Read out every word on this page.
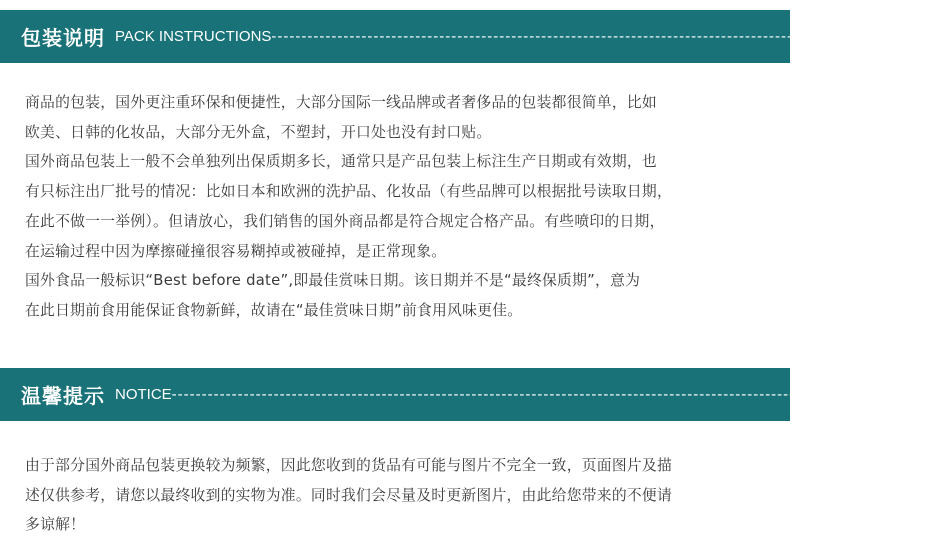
包装说明 PACK INSTRUCTIONS --------------------------------------------------------------------------------------------------------------
商品的包装，国外更注重环保和便捷性，大部分国际一线品牌或者奢侈品的包装都很简单，比如
欧美、日韩的化妆品，大部分无外盒，不塑封，开口处也没有封口贴。
国外商品包装上一般不会单独列出保质期多长，通常只是产品包装上标注生产日期或有效期，也
有只标注出厂批号的情况：比如日本和欧洲的洗护品、化妆品（有些品牌可以根据批号读取日期，
在此不做一一举例）。但请放心，我们销售的国外商品都是符合规定合格产品。有些喷印的日期，
在运输过程中因为摩擦碰撞很容易糊掉或被碰掉，是正常现象。
国外食品一般标识“Best before date”,即最佳赏味日期。该日期并不是“最终保质期”，意为
在此日期前食用能保证食物新鲜，故请在“最佳赏味日期”前食用风味更佳。
温馨提示 NOTICE --------------------------------------------------------------------------------------------------------------------------
由于部分国外商品包装更换较为频繁，因此您收到的货品有可能与图片不完全一致，页面图片及描
述仅供参考，请您以最终收到的实物为准。同时我们会尽量及时更新图片，由此给您带来的不便请
多谅解！
